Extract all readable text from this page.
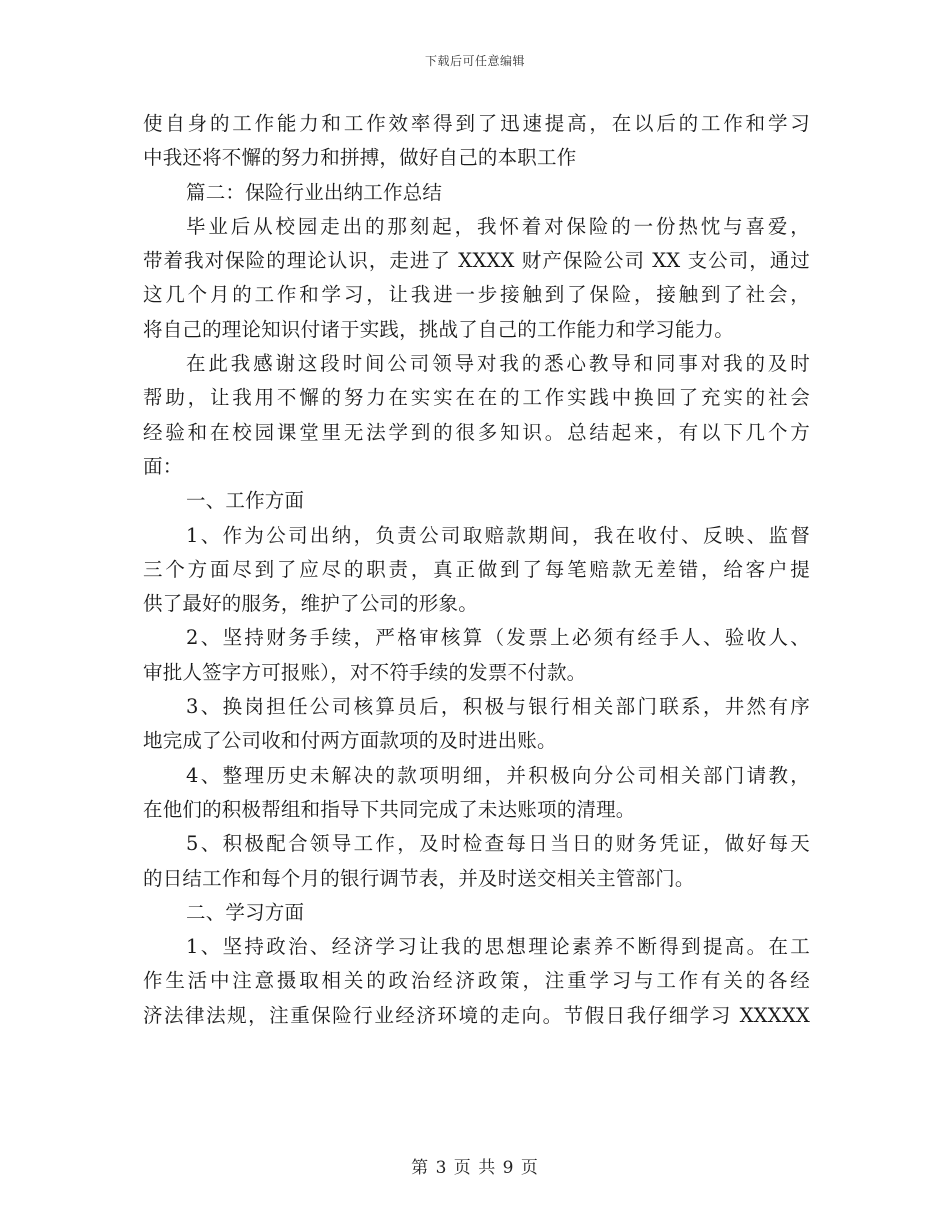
下载后可任意编辑
使自身的工作能力和工作效率得到了迅速提高，在以后的工作和学习
中我还将不懈的努力和拼搏，做好自己的本职工作
篇二：保险行业出纳工作总结
毕业后从校园走出的那刻起，我怀着对保险的一份热忱与喜爱，
带着我对保险的理论认识，走进了 XXXX 财产保险公司 XX 支公司，通过
这几个月的工作和学习，让我进一步接触到了保险，接触到了社会，
将自己的理论知识付诸于实践，挑战了自己的工作能力和学习能力。
在此我感谢这段时间公司领导对我的悉心教导和同事对我的及时
帮助，让我用不懈的努力在实实在在的工作实践中换回了充实的社会
经验和在校园课堂里无法学到的很多知识。总结起来，有以下几个方
面：
一、工作方面
1、作为公司出纳，负责公司取赔款期间，我在收付、反映、监督
三个方面尽到了应尽的职责，真正做到了每笔赔款无差错，给客户提
供了最好的服务，维护了公司的形象。
2、坚持财务手续，严格审核算（发票上必须有经手人、验收人、
审批人签字方可报账），对不符手续的发票不付款。
3、换岗担任公司核算员后，积极与银行相关部门联系，井然有序
地完成了公司收和付两方面款项的及时进出账。
4、整理历史未解决的款项明细，并积极向分公司相关部门请教，
在他们的积极帮组和指导下共同完成了未达账项的清理。
5、积极配合领导工作，及时检查每日当日的财务凭证，做好每天
的日结工作和每个月的银行调节表，并及时送交相关主管部门。
二、学习方面
1、坚持政治、经济学习让我的思想理论素养不断得到提高。在工
作生活中注意摄取相关的政治经济政策，注重学习与工作有关的各经
济法律法规，注重保险行业经济环境的走向。节假日我仔细学习 XXXXX
第 3 页 共 9 页
